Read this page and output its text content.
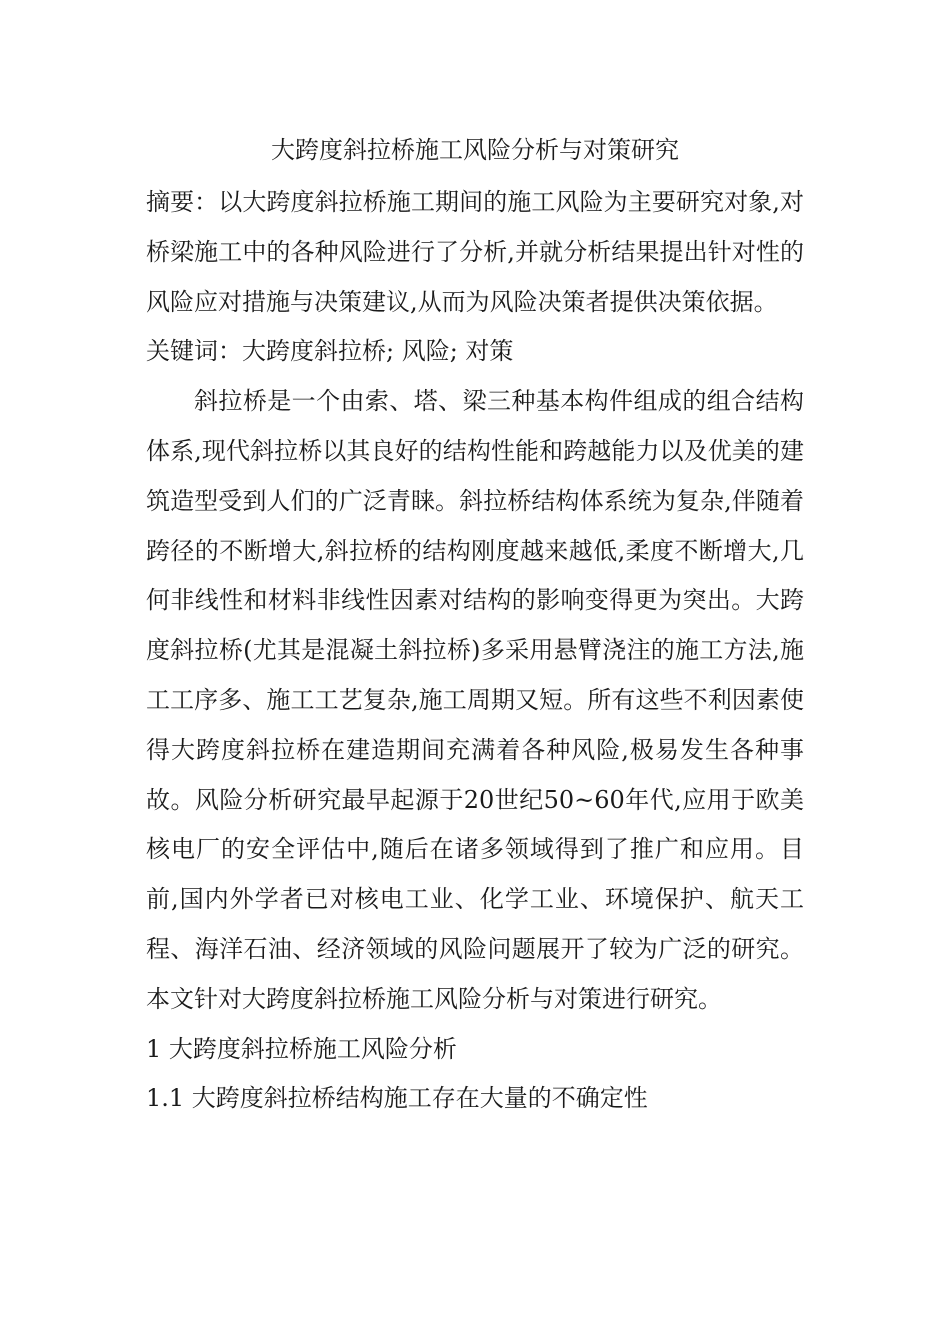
大跨度斜拉桥施工风险分析与对策研究

摘要：以大跨度斜拉桥施工期间的施工风险为主要研究对象,对桥梁施工中的各种风险进行了分析,并就分析结果提出针对性的风险应对措施与决策建议,从而为风险决策者提供决策依据。

关键词：大跨度斜拉桥; 风险; 对策

斜拉桥是一个由索、塔、梁三种基本构件组成的组合结构体系,现代斜拉桥以其良好的结构性能和跨越能力以及优美的建筑造型受到人们的广泛青睐。斜拉桥结构体系统为复杂,伴随着跨径的不断增大,斜拉桥的结构刚度越来越低,柔度不断增大,几何非线性和材料非线性因素对结构的影响变得更为突出。大跨度斜拉桥(尤其是混凝土斜拉桥)多采用悬臂浇注的施工方法,施工工序多、施工工艺复杂,施工周期又短。所有这些不利因素使得大跨度斜拉桥在建造期间充满着各种风险,极易发生各种事故。风险分析研究最早起源于20世纪50~60年代,应用于欧美核电厂的安全评估中,随后在诸多领域得到了推广和应用。目前,国内外学者已对核电工业、化学工业、环境保护、航天工程、海洋石油、经济领域的风险问题展开了较为广泛的研究。本文针对大跨度斜拉桥施工风险分析与对策进行研究。

1 大跨度斜拉桥施工风险分析

1.1 大跨度斜拉桥结构施工存在大量的不确定性
